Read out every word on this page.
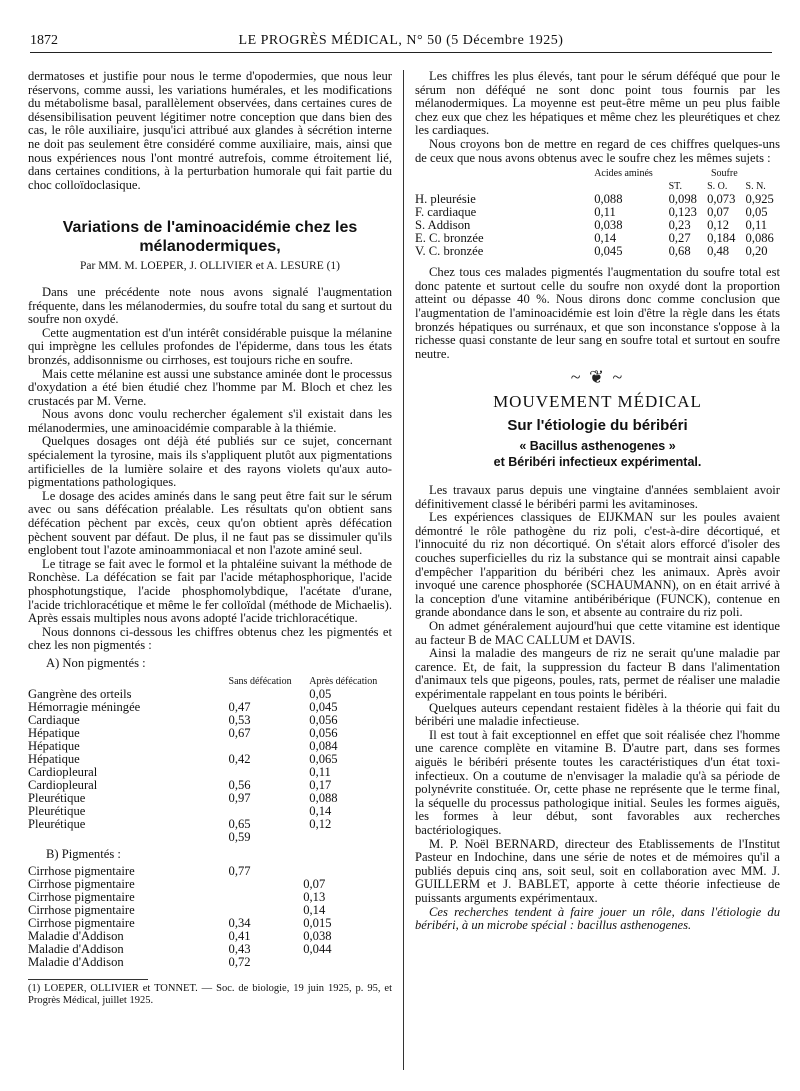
1872	LE PROGRÈS MÉDICAL, N° 50 (5 Décembre 1925)

dermatoses et justifie pour nous le terme d'opodermies, que nous leur réservons, comme aussi, les variations humérales, et les modifications du métabolisme basal, parallèlement observées, dans certaines cures de désensibilisation peuvent légitimer notre conception que dans bien des cas, le rôle auxiliaire, jusqu'ici attribué aux glandes à sécrétion interne ne doit pas seulement être considéré comme auxiliaire, mais, ainsi que nous expériences nous l'ont montré autrefois, comme étroitement lié, dans certaines conditions, à la perturbation humorale qui fait partie du choc colloïdoclasique.

Variations de l'aminoacidémie chez les mélanodermiques,

Par MM. M. LOEPER, J. OLLIVIER et A. LESURE (1)

Dans une précédente note nous avons signalé l'augmentation fréquente, dans les mélanodermies, du soufre total du sang et surtout du soufre non oxydé.

Cette augmentation est d'un intérêt considérable puisque la mélanine qui imprègne les cellules profondes de l'épiderme, dans tous les états bronzés, addisonnisme ou cirrhoses, est toujours riche en soufre.

Mais cette mélanine est aussi une substance aminée dont le processus d'oxydation a été bien étudié chez l'homme par M. Bloch et chez les crustacés par M. Verne.

Nous avons donc voulu rechercher également s'il existait dans les mélanodermies, une aminoacidémie comparable à la thiémie.

Quelques dosages ont déjà été publiés sur ce sujet, concernant spécialement la tyrosine, mais ils s'appliquent plutôt aux pigmentations artificielles de la lumière solaire et des rayons violets qu'aux auto-pigmentations pathologiques.

Le dosage des acides aminés dans le sang peut être fait sur le sérum avec ou sans défécation préalable. Les résultats qu'on obtient sans défécation pèchent par excès, ceux qu'on obtient après défécation pèchent souvent par défaut. De plus, il ne faut pas se dissimuler qu'ils englobent tout l'azote aminoammoniacal et non l'azote aminé seul.

Le titrage se fait avec le formol et la phtaléine suivant la méthode de Ronchèse. La défécation se fait par l'acide métaphosphorique, l'acide phosphotungstique, l'acide phosphomolybdique, l'acétate d'urane, l'acide trichloracétique et même le fer colloïdal (méthode de Michaelis). Après essais multiples nous avons adopté l'acide trichloracétique.

Nous donnons ci-dessous les chiffres obtenus chez les pigmentés et chez les non pigmentés :

A) Non pigmentés :
	Sans défécation	Après défécation
Gangrène des orteils		0,05
Hémorragie méningée	0,47	0,045
Cardiaque	0,53	0,056
Hépatique	0,67	0,056
Hépatique		0,084
Hépatique	0,42	0,065
Cardiopleural		0,11
Cardiopleural	0,56	0,17
Pleurétique	0,97	0,088
Pleurétique		0,14
Pleurétique	0,65	0,12
	0,59	
B) Pigmentés :
Cirrhose pigmentaire	0,77	
Cirrhose pigmentaire		0,07
Cirrhose pigmentaire		0,13
Cirrhose pigmentaire		0,14
Cirrhose pigmentaire	0,34	0,015
Maladie d'Addison	0,41	0,038
Maladie d'Addison	0,43	0,044
Maladie d'Addison	0,72	
(1) LOEPER, OLLIVIER et TONNET. — Soc. de biologie, 19 juin 1925, p. 95, et Progrès Médical, juillet 1925.

Les chiffres les plus élevés, tant pour le sérum déféqué que pour le sérum non déféqué ne sont donc point tous fournis par les mélanodermiques. La moyenne est peut-être même un peu plus faible chez eux que chez les hépatiques et même chez les pleurétiques et chez les cardiaques.

Nous croyons bon de mettre en regard de ces chiffres quelques-uns de ceux que nous avons obtenus avec le soufre chez les mêmes sujets :

	Acides aminés	Soufre		
		ST.	S. O.	S. N.
H. pleurésie	0,088	0,098	0,073	0,925
F. cardiaque	0,11	0,123	0,07	0,05
S. Addison	0,038	0,23	0,12	0,11
E. C. bronzée	0,14	0,27	0,184	0,086
V. C. bronzée	0,045	0,68	0,48	0,20

Chez tous ces malades pigmentés l'augmentation du soufre total est donc patente et surtout celle du soufre non oxydé dont la proportion atteint ou dépasse 40 %. Nous dirons donc comme conclusion que l'augmentation de l'aminoacidémie est loin d'être la règle dans les états bronzés hépatiques ou surrénaux, et que son inconstance s'oppose à la richesse quasi constante de leur sang en soufre total et surtout en soufre neutre.

~ ❦ ~
MOUVEMENT MÉDICAL
Sur l'étiologie du béribéri
« Bacillus asthenogenes »
et Béribéri infectieux expérimental.

Les travaux parus depuis une vingtaine d'années semblaient avoir définitivement classé le béribéri parmi les avitaminoses.

Les expériences classiques de EIJKMAN sur les poules avaient démontré le rôle pathogène du riz poli, c'est-à-dire décortiqué, et l'innocuité du riz non décortiqué. On s'était alors efforcé d'isoler des couches superficielles du riz la substance qui se montrait ainsi capable d'empêcher l'apparition du béribéri chez les animaux. Après avoir invoqué une carence phosphorée (SCHAUMANN), on en était arrivé à la conception d'une vitamine antibéribérique (FUNCK), contenue en grande abondance dans le son, et absente au contraire du riz poli.

On admet généralement aujourd'hui que cette vitamine est identique au facteur B de MAC CALLUM et DAVIS.

Ainsi la maladie des mangeurs de riz ne serait qu'une maladie par carence. Et, de fait, la suppression du facteur B dans l'alimentation d'animaux tels que pigeons, poules, rats, permet de réaliser une maladie expérimentale rappelant en tous points le béribéri.

Quelques auteurs cependant restaient fidèles à la théorie qui fait du béribéri une maladie infectieuse.

Il est tout à fait exceptionnel en effet que soit réalisée chez l'homme une carence complète en vitamine B. D'autre part, dans ses formes aiguës le béribéri présente toutes les caractéristiques d'un état toxi-infectieux. On a coutume de n'envisager la maladie qu'à sa période de polynévrite constituée. Or, cette phase ne représente que le terme final, la séquelle du processus pathologique initial. Seules les formes aiguës, les formes à leur début, sont favorables aux recherches bactériologiques.

M. P. Noël BERNARD, directeur des Etablissements de l'Institut Pasteur en Indochine, dans une série de notes et de mémoires qu'il a publiés depuis cinq ans, soit seul, soit en collaboration avec MM. J. GUILLERM et J. BABLET, apporte à cette théorie infectieuse de puissants arguments expérimentaux.

Ces recherches tendent à faire jouer un rôle, dans l'étiologie du béribéri, à un microbe spécial : bacillus asthenogenes.
